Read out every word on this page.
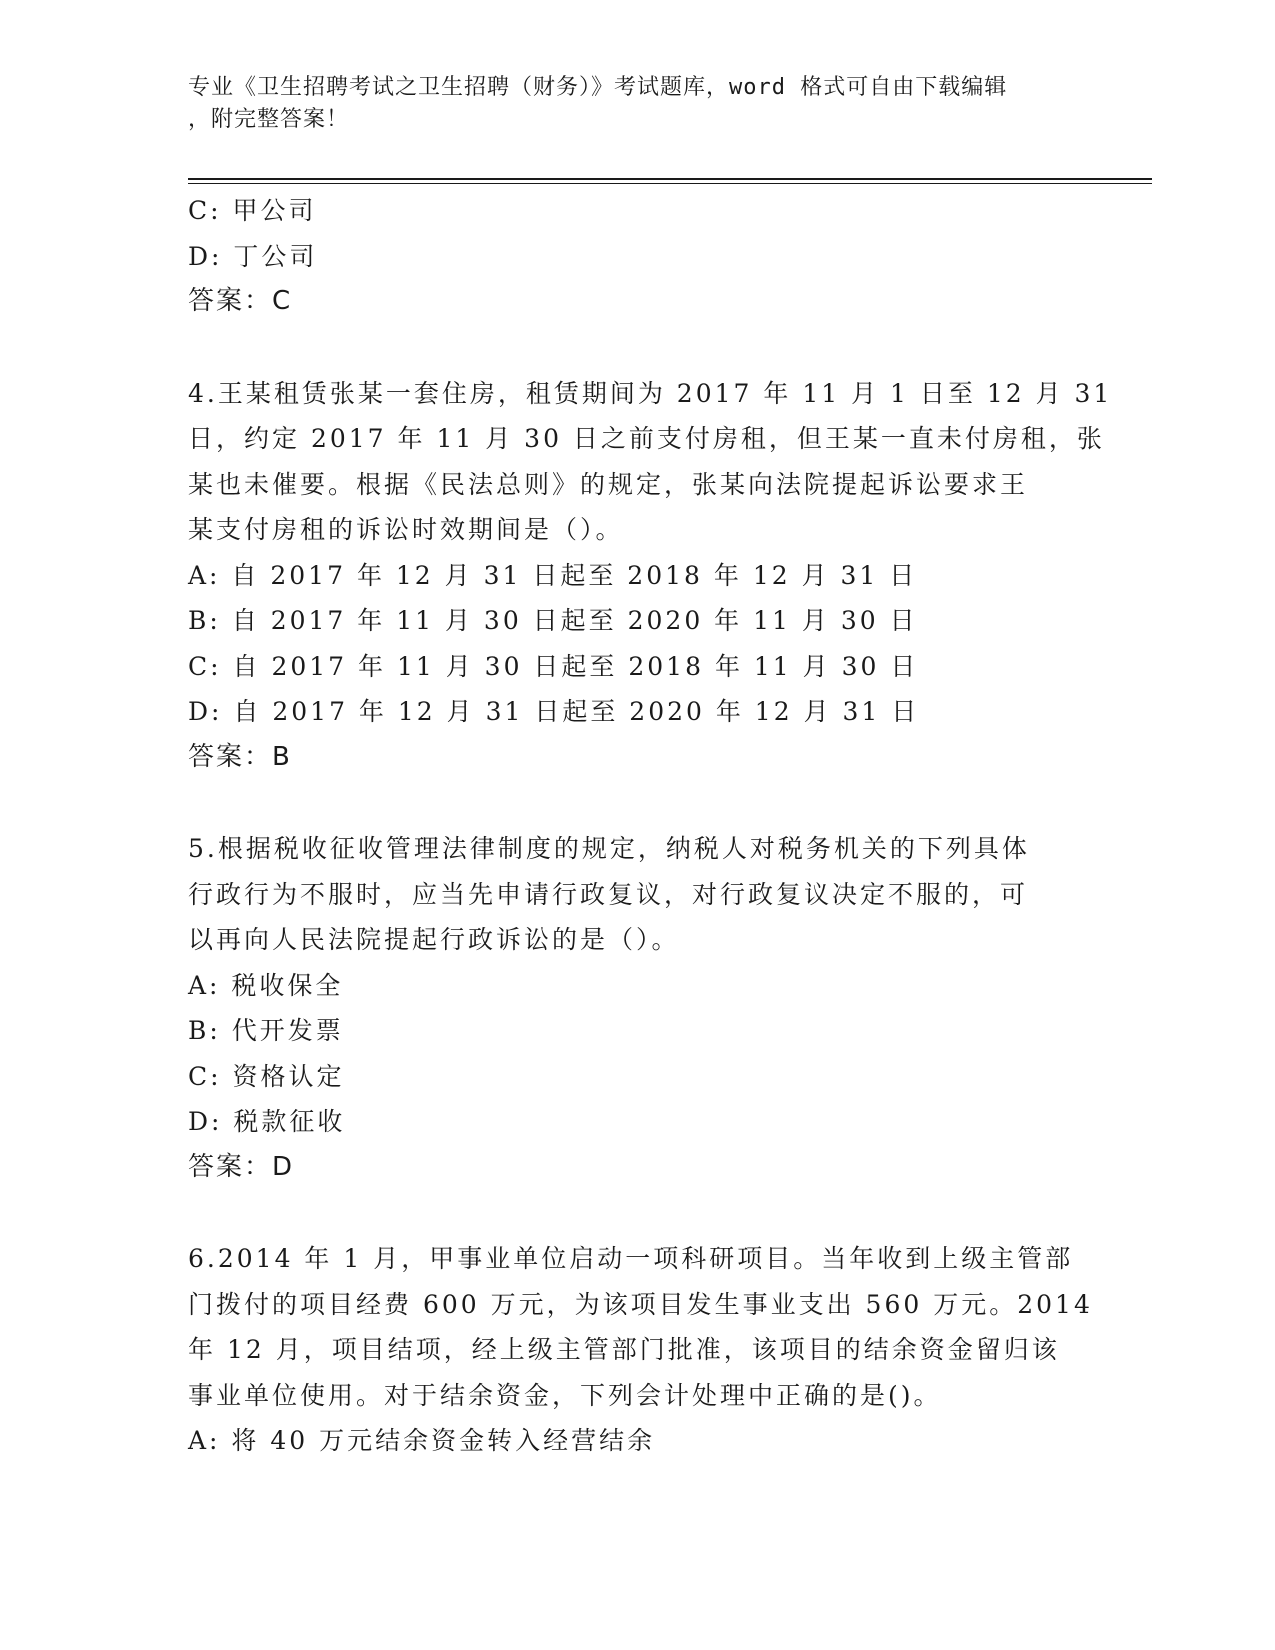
专业《卫生招聘考试之卫生招聘（财务）》考试题库，word 格式可自由下载编辑
，附完整答案！
C: 甲公司
D: 丁公司
答案：C
4.王某租赁张某一套住房，租赁期间为 2017 年 11 月 1 日至 12 月 31
日，约定 2017 年 11 月 30 日之前支付房租，但王某一直未付房租，张
某也未催要。根据《民法总则》的规定，张某向法院提起诉讼要求王
某支付房租的诉讼时效期间是（）。
A: 自 2017 年 12 月 31 日起至 2018 年 12 月 31 日
B: 自 2017 年 11 月 30 日起至 2020 年 11 月 30 日
C: 自 2017 年 11 月 30 日起至 2018 年 11 月 30 日
D: 自 2017 年 12 月 31 日起至 2020 年 12 月 31 日
答案：B
5.根据税收征收管理法律制度的规定，纳税人对税务机关的下列具体
行政行为不服时，应当先申请行政复议，对行政复议决定不服的，可
以再向人民法院提起行政诉讼的是（）。
A: 税收保全
B: 代开发票
C: 资格认定
D: 税款征收
答案：D
6.2014 年 1 月，甲事业单位启动一项科研项目。当年收到上级主管部
门拨付的项目经费 600 万元，为该项目发生事业支出 560 万元。2014
年 12 月，项目结项，经上级主管部门批准，该项目的结余资金留归该
事业单位使用。对于结余资金，下列会计处理中正确的是()。
A: 将 40 万元结余资金转入经营结余
